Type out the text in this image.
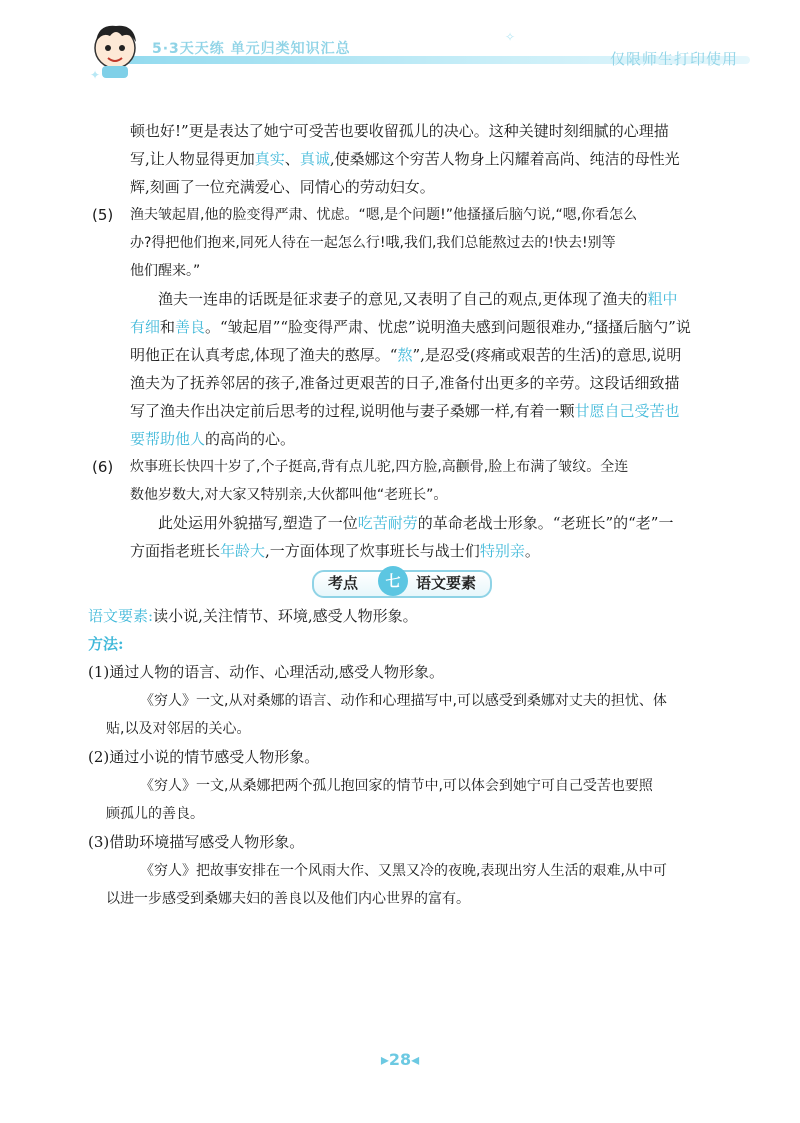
✦
✧
5·3天天练 单元归类知识汇总
仅限师生打印使用

顿也好!”更是表达了她宁可受苦也要收留孤儿的决心。这种关键时刻细腻的心理描

写,让人物显得更加真实、真诚,使桑娜这个穷苦人物身上闪耀着高尚、纯洁的母性光

辉,刻画了一位充满爱心、同情心的劳动妇女。

(5) 渔夫皱起眉,他的脸变得严肃、忧虑。“嗯,是个问题!”他搔搔后脑勺说,“嗯,你看怎么

办?得把他们抱来,同死人待在一起怎么行!哦,我们,我们总能熬过去的!快去!别等

他们醒来。”

渔夫一连串的话既是征求妻子的意见,又表明了自己的观点,更体现了渔夫的粗中

有细和善良。“皱起眉”“脸变得严肃、忧虑”说明渔夫感到问题很难办,“搔搔后脑勺”说

明他正在认真考虑,体现了渔夫的憨厚。“熬”,是忍受(疼痛或艰苦的生活)的意思,说明

渔夫为了抚养邻居的孩子,准备过更艰苦的日子,准备付出更多的辛劳。这段话细致描

写了渔夫作出决定前后思考的过程,说明他与妻子桑娜一样,有着一颗甘愿自己受苦也

要帮助他人的高尚的心。

(6) 炊事班长快四十岁了,个子挺高,背有点儿驼,四方脸,高颧骨,脸上布满了皱纹。全连

数他岁数大,对大家又特别亲,大伙都叫他“老班长”。

此处运用外貌描写,塑造了一位吃苦耐劳的革命老战士形象。“老班长”的“老”一

方面指老班长年龄大,一方面体现了炊事班长与战士们特别亲。

考点	七	语文要素

语文要素:读小说,关注情节、环境,感受人物形象。

方法:

(1)通过人物的语言、动作、心理活动,感受人物形象。

《穷人》一文,从对桑娜的语言、动作和心理描写中,可以感受到桑娜对丈夫的担忧、体

贴,以及对邻居的关心。

(2)通过小说的情节感受人物形象。

《穷人》一文,从桑娜把两个孤儿抱回家的情节中,可以体会到她宁可自己受苦也要照

顾孤儿的善良。

(3)借助环境描写感受人物形象。

《穷人》把故事安排在一个风雨大作、又黑又冷的夜晚,表现出穷人生活的艰难,从中可

以进一步感受到桑娜夫妇的善良以及他们内心世界的富有。

▸28◂
